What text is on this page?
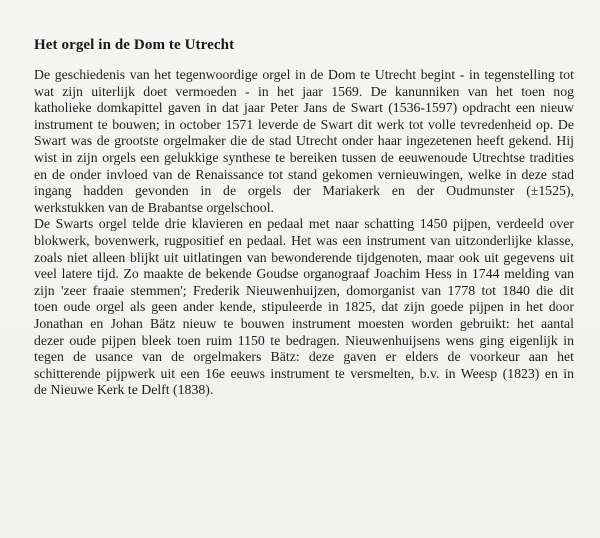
Het orgel in de Dom te Utrecht
De geschiedenis van het tegenwoordige orgel in de Dom te Utrecht begint - in tegenstelling tot
wat zijn uiterlijk doet vermoeden - in het jaar 1569. De kanunniken van het toen nog
katholieke domkapittel gaven in dat jaar Peter Jans de Swart (1536-1597) opdracht een nieuw
instrument te bouwen; in october 1571 leverde de Swart dit werk tot volle tevredenheid op. De
Swart was de grootste orgelmaker die de stad Utrecht onder haar ingezetenen heeft gekend. Hij
wist in zijn orgels een gelukkige synthese te bereiken tussen de eeuwenoude Utrechtse tradities
en de onder invloed van de Renaissance tot stand gekomen vernieuwingen, welke in deze stad
ingang hadden gevonden in de orgels der Mariakerk en der Oudmunster (±1525),
werkstukken van de Brabantse orgelschool.
De Swarts orgel telde drie klavieren en pedaal met naar schatting 1450 pijpen, verdeeld over
blokwerk, bovenwerk, rugpositief en pedaal. Het was een instrument van uitzonderlijke klasse,
zoals niet alleen blijkt uit uitlatingen van bewonderende tijdgenoten, maar ook uit gegevens uit
veel latere tijd. Zo maakte de bekende Goudse organograaf Joachim Hess in 1744 melding van
zijn 'zeer fraaie stemmen'; Frederik Nieuwenhuijzen, domorganist van 1778 tot 1840 die dit
toen oude orgel als geen ander kende, stipuleerde in 1825, dat zijn goede pijpen in het door
Jonathan en Johan Bätz nieuw te bouwen instrument moesten worden gebruikt: het aantal
dezer oude pijpen bleek toen ruim 1150 te bedragen. Nieuwenhuijsens wens ging eigenlijk in
tegen de usance van de orgelmakers Bätz: deze gaven er elders de voorkeur aan het
schitterende pijpwerk uit een 16e eeuws instrument te versmelten, b.v. in Weesp (1823) en in
de Nieuwe Kerk te Delft (1838).
